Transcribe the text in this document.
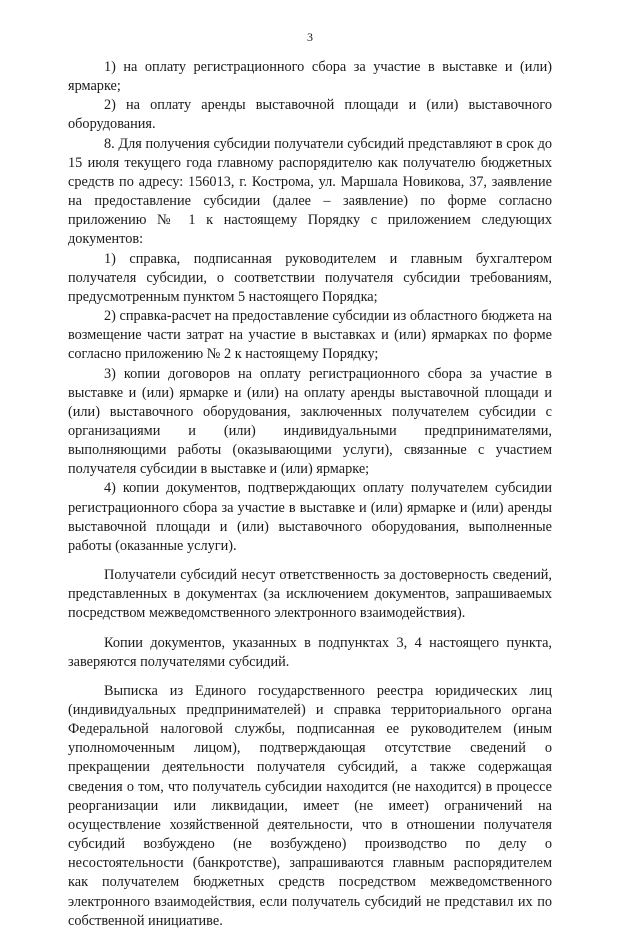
3

1) на оплату регистрационного сбора за участие в выставке и (или) ярмарке;

2) на оплату аренды выставочной площади и (или) выставочного оборудования.

8. Для получения субсидии получатели субсидий представляют в срок до 15 июля текущего года главному распорядителю как получателю бюджетных средств по адресу: 156013, г. Кострома, ул. Маршала Новикова, 37, заявление на предоставление субсидии (далее – заявление) по форме согласно приложению № 1 к настоящему Порядку с приложением следующих документов:

1) справка, подписанная руководителем и главным бухгалтером получателя субсидии, о соответствии получателя субсидии требованиям, предусмотренным пунктом 5 настоящего Порядка;

2) справка-расчет на предоставление субсидии из областного бюджета на возмещение части затрат на участие в выставках и (или) ярмарках по форме согласно приложению № 2 к настоящему Порядку;

3) копии договоров на оплату регистрационного сбора за участие в выставке и (или) ярмарке и (или) на оплату аренды выставочной площади и (или) выставочного оборудования, заключенных получателем субсидии с организациями и (или) индивидуальными предпринимателями, выполняющими работы (оказывающими услуги), связанные с участием получателя субсидии в выставке и (или) ярмарке;

4) копии документов, подтверждающих оплату получателем субсидии регистрационного сбора за участие в выставке и (или) ярмарке и (или) аренды выставочной площади и (или) выставочного оборудования, выполненные работы (оказанные услуги).

Получатели субсидий несут ответственность за достоверность сведений, представленных в документах (за исключением документов, запрашиваемых посредством межведомственного электронного взаимодействия).

Копии документов, указанных в подпунктах 3, 4 настоящего пункта, заверяются получателями субсидий.

Выписка из Единого государственного реестра юридических лиц (индивидуальных предпринимателей) и справка территориального органа Федеральной налоговой службы, подписанная ее руководителем (иным уполномоченным лицом), подтверждающая отсутствие сведений о прекращении деятельности получателя субсидий, а также содержащая сведения о том, что получатель субсидии находится (не находится) в процессе реорганизации или ликвидации, имеет (не имеет) ограничений на осуществление хозяйственной деятельности, что в отношении получателя субсидий возбуждено (не возбуждено) производство по делу о несостоятельности (банкротстве), запрашиваются главным распорядителем как получателем бюджетных средств посредством межведомственного электронного взаимодействия, если получатель субсидий не представил их по собственной инициативе.
